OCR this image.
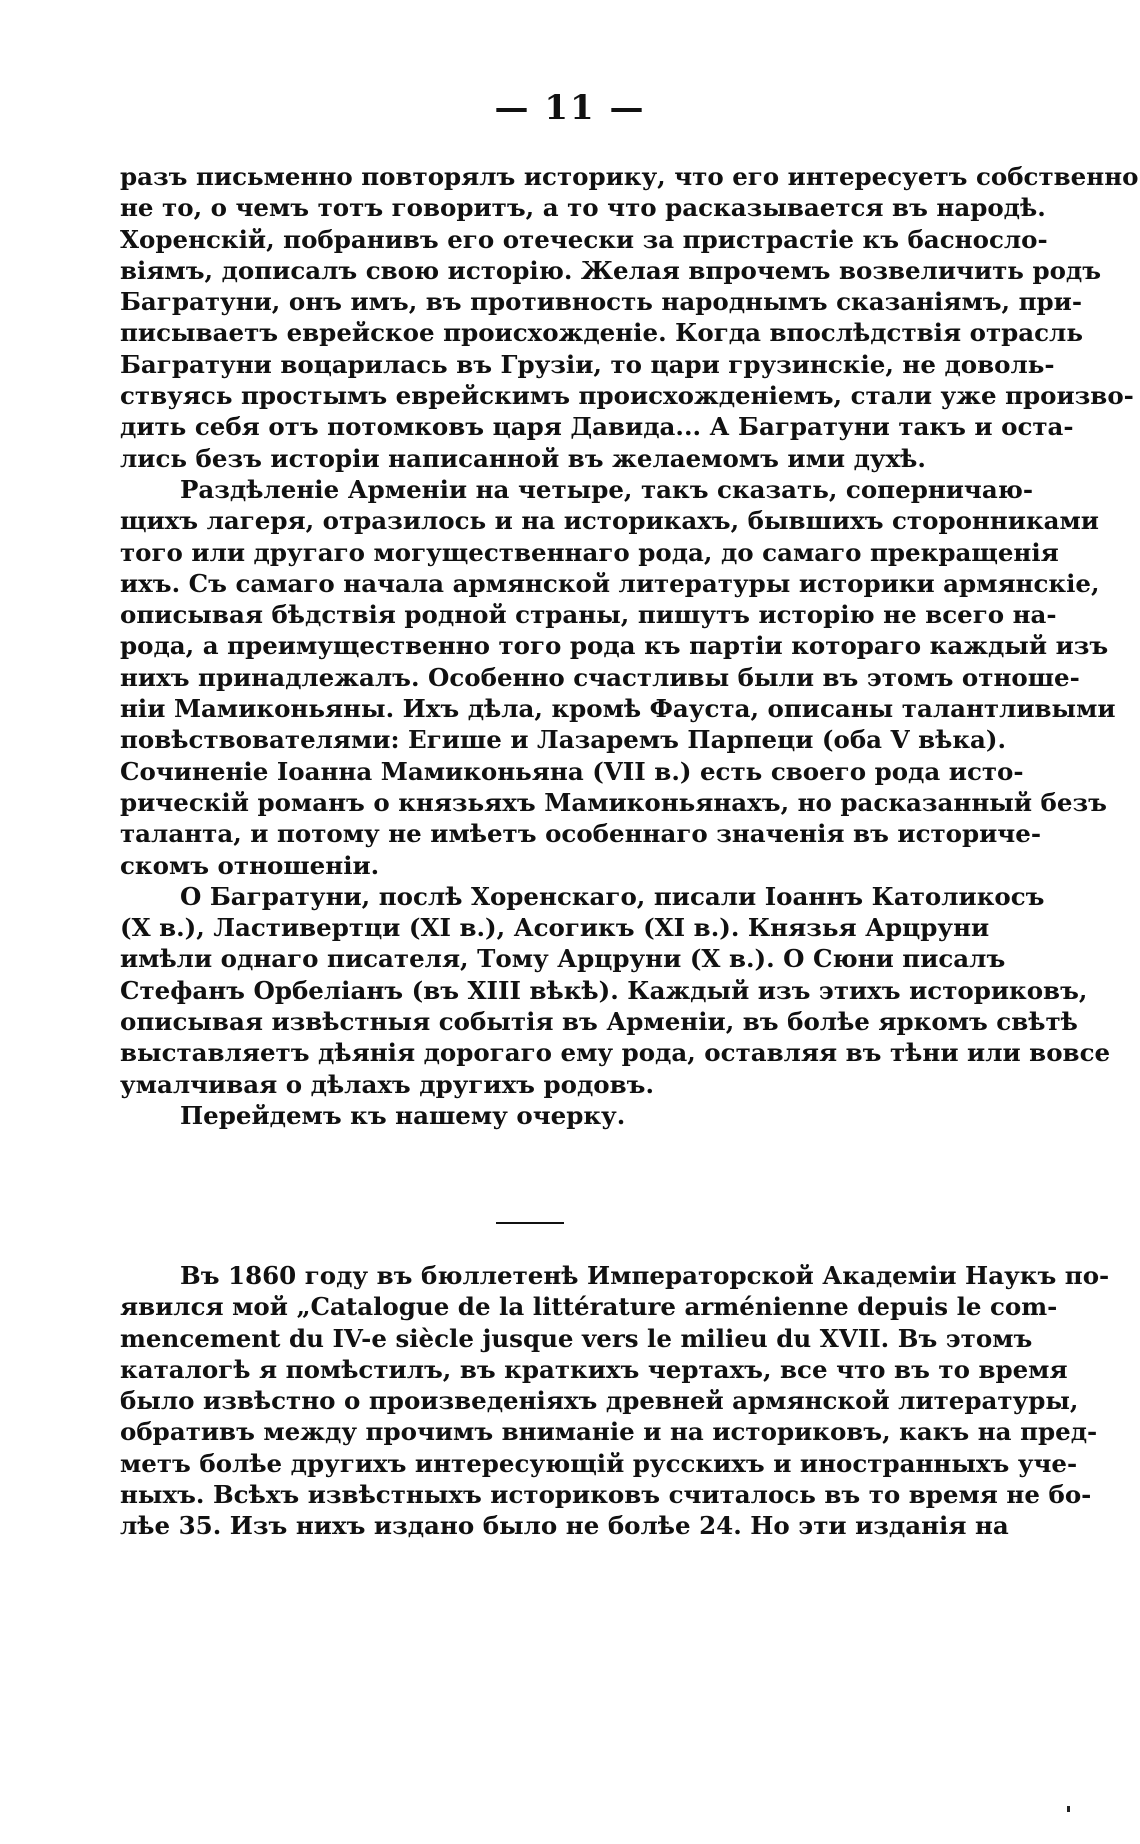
— 11 —
разъ письменно повторялъ историку, что его интересуетъ собственно
не то, о чемъ тотъ говоритъ, а то что расказывается въ народѣ.
Хоренскій, побранивъ его отечески за пристрастіе къ басносло-
віямъ, дописалъ свою исторію. Желая впрочемъ возвеличить родъ
Багратуни, онъ имъ, въ противность народнымъ сказаніямъ, при-
писываетъ еврейское происхожденіе. Когда впослѣдствія отрасль
Багратуни воцарилась въ Грузіи, то цари грузинскіе, не доволь-
ствуясь простымъ еврейскимъ происхожденіемъ, стали уже произво-
дить себя отъ потомковъ царя Давида... А Багратуни такъ и оста-
лись безъ исторіи написанной въ желаемомъ ими духѣ.
Раздѣленіе Арменіи на четыре, такъ сказать, соперничаю-
щихъ лагеря, отразилось и на историкахъ, бывшихъ сторонниками
того или другаго могущественнаго рода, до самаго прекращенія
ихъ. Съ самаго начала армянской литературы историки армянскіе,
описывая бѣдствія родной страны, пишутъ исторію не всего на-
рода, а преимущественно того рода къ партіи котораго каждый изъ
нихъ принадлежалъ. Особенно счастливы были въ этомъ отноше-
ніи Мамиконьяны. Ихъ дѣла, кромѣ Фауста, описаны талантливыми
повѣствователями: Егише и Лазаремъ Парпеци (оба V вѣка).
Сочиненіе Іоанна Мамиконьяна (VII в.) есть своего рода исто-
рическій романъ о князьяхъ Мамиконьянахъ, но расказанный безъ
таланта, и потому не имѣетъ особеннаго значенія въ историче-
скомъ отношеніи.
О Багратуни, послѣ Хоренскаго, писали Іоаннъ Католикосъ
(X в.), Ластивертци (XI в.), Асогикъ (XI в.). Князья Арцруни
имѣли однаго писателя, Тому Арцруни (X в.). О Сюни писалъ
Стефанъ Орбеліанъ (въ XIII вѣкѣ). Каждый изъ этихъ историковъ,
описывая извѣстныя событія въ Арменіи, въ болѣе яркомъ свѣтѣ
выставляетъ дѣянія дорогаго ему рода, оставляя въ тѣни или вовсе
умалчивая о дѣлахъ другихъ родовъ.
Перейдемъ къ нашему очерку.
Въ 1860 году въ бюллетенѣ Императорской Академіи Наукъ по-
явился мой „Catalogue de la littérature arménienne depuis le com-
mencement du IV-e siècle jusque vers le milieu du XVII. Въ этомъ
каталогѣ я помѣстилъ, въ краткихъ чертахъ, все что въ то время
было извѣстно о произведеніяхъ древней армянской литературы,
обративъ между прочимъ вниманіе и на историковъ, какъ на пред-
метъ болѣе другихъ интересующій русскихъ и иностранныхъ уче-
ныхъ. Всѣхъ извѣстныхъ историковъ считалось въ то время не бо-
лѣе 35. Изъ нихъ издано было не болѣе 24. Но эти изданія на
